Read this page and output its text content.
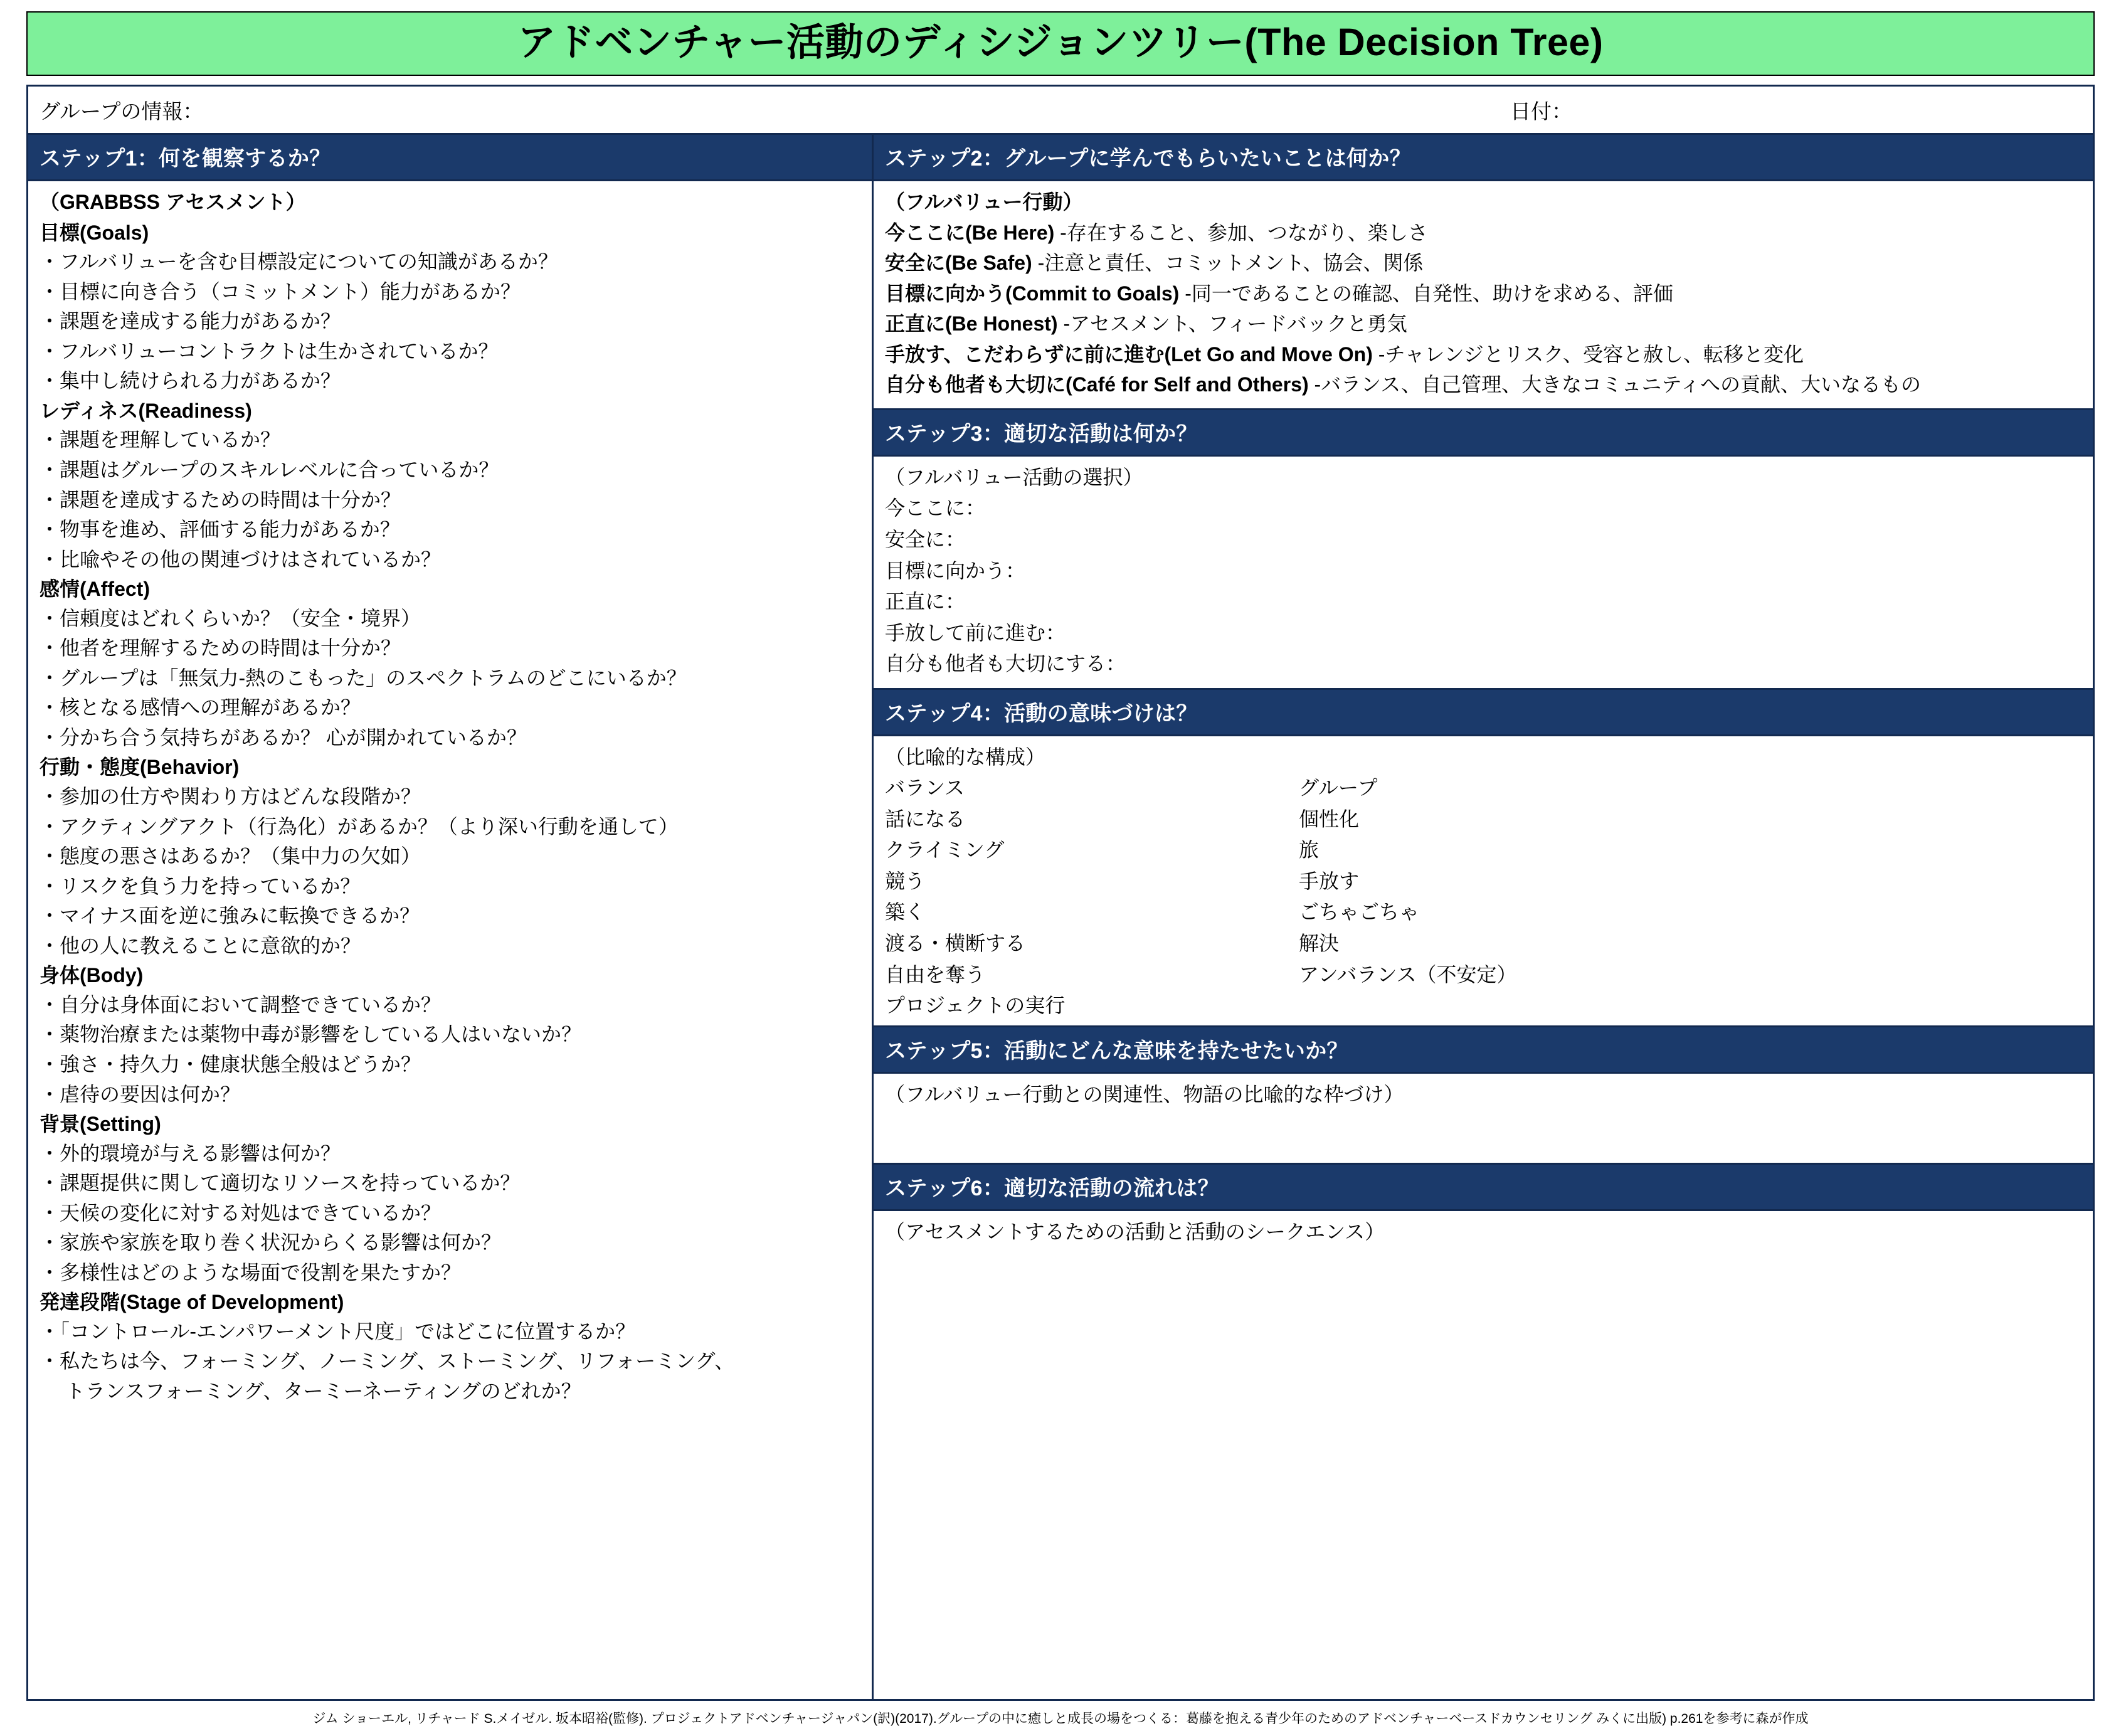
アドベンチャー活動のディシジョンツリー(The Decision Tree)
グループの情報：	日付：
ステップ1：何を観察するか？
（GRABBSS アセスメント）
目標(Goals)
・フルバリューを含む目標設定についての知識があるか？
・目標に向き合う（コミットメント）能力があるか？
・課題を達成する能力があるか？
・フルバリューコントラクトは生かされているか？
・集中し続けられる力があるか？
レディネス(Readiness)
・課題を理解しているか？
・課題はグループのスキルレベルに合っているか？
・課題を達成するための時間は十分か？
・物事を進め、評価する能力があるか？
・比喩やその他の関連づけはされているか？
感情(Affect)
・信頼度はどれくらいか？（安全・境界）
・他者を理解するための時間は十分か？
・グループは「無気力-熱のこもった」のスペクトラムのどこにいるか？
・核となる感情への理解があるか？
・分かち合う気持ちがあるか？ 心が開かれているか？
行動・態度(Behavior)
・参加の仕方や関わり方はどんな段階か？
・アクティングアクト（行為化）があるか？（より深い行動を通して）
・態度の悪さはあるか？（集中力の欠如）
・リスクを負う力を持っているか？
・マイナス面を逆に強みに転換できるか？
・他の人に教えることに意欲的か？
身体(Body)
・自分は身体面において調整できているか？
・薬物治療または薬物中毒が影響をしている人はいないか？
・強さ・持久力・健康状態全般はどうか？
・虐待の要因は何か？
背景(Setting)
・外的環境が与える影響は何か？
・課題提供に関して適切なリソースを持っているか？
・天候の変化に対する対処はできているか？
・家族や家族を取り巻く状況からくる影響は何か？
・多様性はどのような場面で役割を果たすか？
発達段階(Stage of Development)
・「コントロール-エンパワーメント尺度」ではどこに位置するか？
・私たちは今、フォーミング、ノーミング、ストーミング、リフォーミング、
　 トランスフォーミング、ターミーネーティングのどれか？
ステップ2：グループに学んでもらいたいことは何か？
（フルバリュー行動）
今ここに(Be Here) -存在すること、参加、つながり、楽しさ
安全に(Be Safe) -注意と責任、コミットメント、協会、関係
目標に向かう(Commit to Goals) -同一であることの確認、自発性、助けを求める、評価
正直に(Be Honest) -アセスメント、フィードバックと勇気
手放す、こだわらずに前に進む(Let Go and Move On) -チャレンジとリスク、受容と赦し、転移と変化
自分も他者も大切に(Café for Self and Others) -バランス、自己管理、大きなコミュニティへの貢献、大いなるもの
ステップ3：適切な活動は何か？
（フルバリュー活動の選択）
今ここに：
安全に：
目標に向かう：
正直に：
手放して前に進む：
自分も他者も大切にする：
ステップ4：活動の意味づけは？
（比喩的な構成）
バランス	グループ
話になる	個性化
クライミング	旅
競う	手放す
築く	ごちゃごちゃ
渡る・横断する	解決
自由を奪う	アンバランス（不安定）
プロジェクトの実行
ステップ5：活動にどんな意味を持たせたいか？
（フルバリュー行動との関連性、物語の比喩的な枠づけ）
ステップ6：適切な活動の流れは？
（アセスメントするための活動と活動のシークエンス）
ジム ショーエル, リチャード S.メイゼル. 坂本昭裕(監修). プロジェクトアドベンチャージャパン(訳)(2017).グループの中に癒しと成長の場をつくる：葛藤を抱える青少年のためのアドベンチャーベースドカウンセリング みくに出版) p.261を参考に森が作成
